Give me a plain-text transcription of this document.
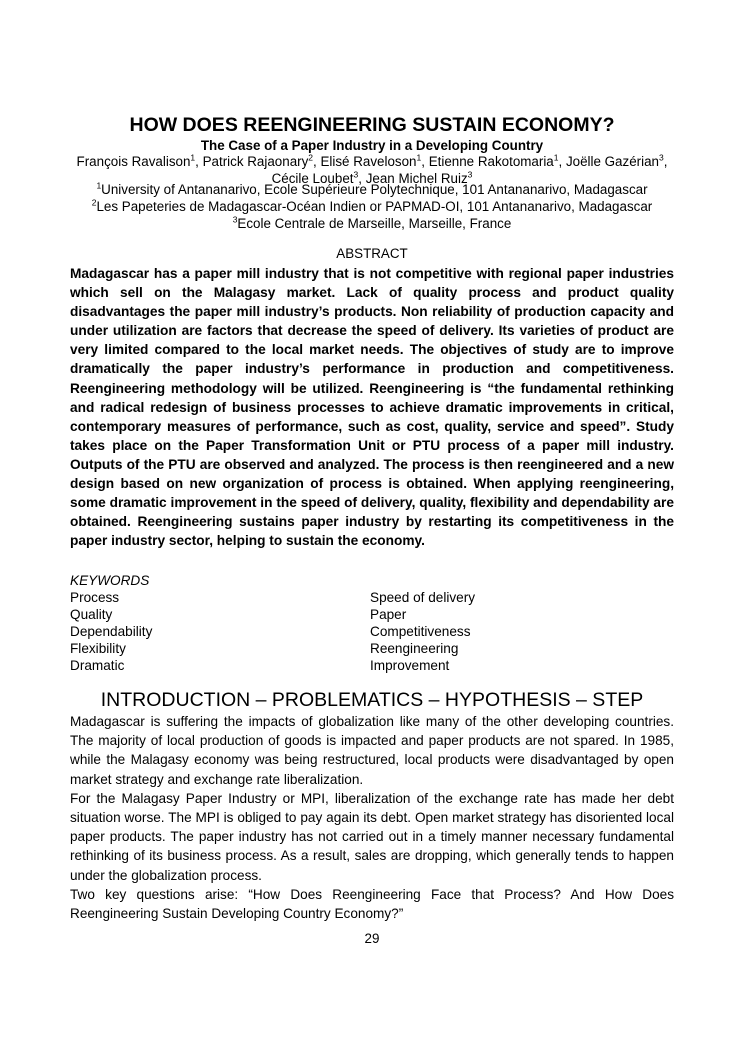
HOW DOES REENGINEERING SUSTAIN ECONOMY?
The Case of a Paper Industry in a Developing Country
François Ravalison$^1$, Patrick Rajaonary$^2$, Elisé Raveloson$^1$, Etienne Rakotomaria$^1$, Joëlle Gazérian$^3$,
Cécile Loubet$^3$, Jean Michel Ruiz$^3$
$^1$University of Antananarivo, Ecole Supérieure Polytechnique, 101 Antananarivo, Madagascar
$^2$Les Papeteries de Madagascar-Océan Indien or PAPMAD-OI, 101 Antananarivo, Madagascar
$^3$Ecole Centrale de Marseille, Marseille, France
ABSTRACT

Madagascar has a paper mill industry that is not competitive with regional paper industries which sell on the Malagasy market. Lack of quality process and product quality disadvantages the paper mill industry’s products. Non reliability of production capacity and under utilization are factors that decrease the speed of delivery. Its varieties of product are very limited compared to the local market needs. The objectives of study are to improve dramatically the paper industry’s performance in production and competitiveness. Reengineering methodology will be utilized. Reengineering is “the fundamental rethinking and radical redesign of business processes to achieve dramatic improvements in critical, contemporary measures of performance, such as cost, quality, service and speed”. Study takes place on the Paper Transformation Unit or PTU process of a paper mill industry. Outputs of the PTU are observed and analyzed. The process is then reengineered and a new design based on new organization of process is obtained. When applying reengineering, some dramatic improvement in the speed of delivery, quality, flexibility and dependability are obtained. Reengineering sustains paper industry by restarting its competitiveness in the paper industry sector, helping to sustain the economy.

KEYWORDS
Process	Speed of delivery
Quality	Paper
Dependability	Competitiveness
Flexibility	Reengineering
Dramatic	Improvement
INTRODUCTION – PROBLEMATICS – HYPOTHESIS – STEP

Madagascar is suffering the impacts of globalization like many of the other developing countries. The majority of local production of goods is impacted and paper products are not spared. In 1985, while the Malagasy economy was being restructured, local products were disadvantaged by open market strategy and exchange rate liberalization.

For the Malagasy Paper Industry or MPI, liberalization of the exchange rate has made her debt situation worse. The MPI is obliged to pay again its debt. Open market strategy has disoriented local paper products. The paper industry has not carried out in a timely manner necessary fundamental rethinking of its business process. As a result, sales are dropping, which generally tends to happen under the globalization process.

Two key questions arise: “How Does Reengineering Face that Process? And How Does Reengineering Sustain Developing Country Economy?”

29
